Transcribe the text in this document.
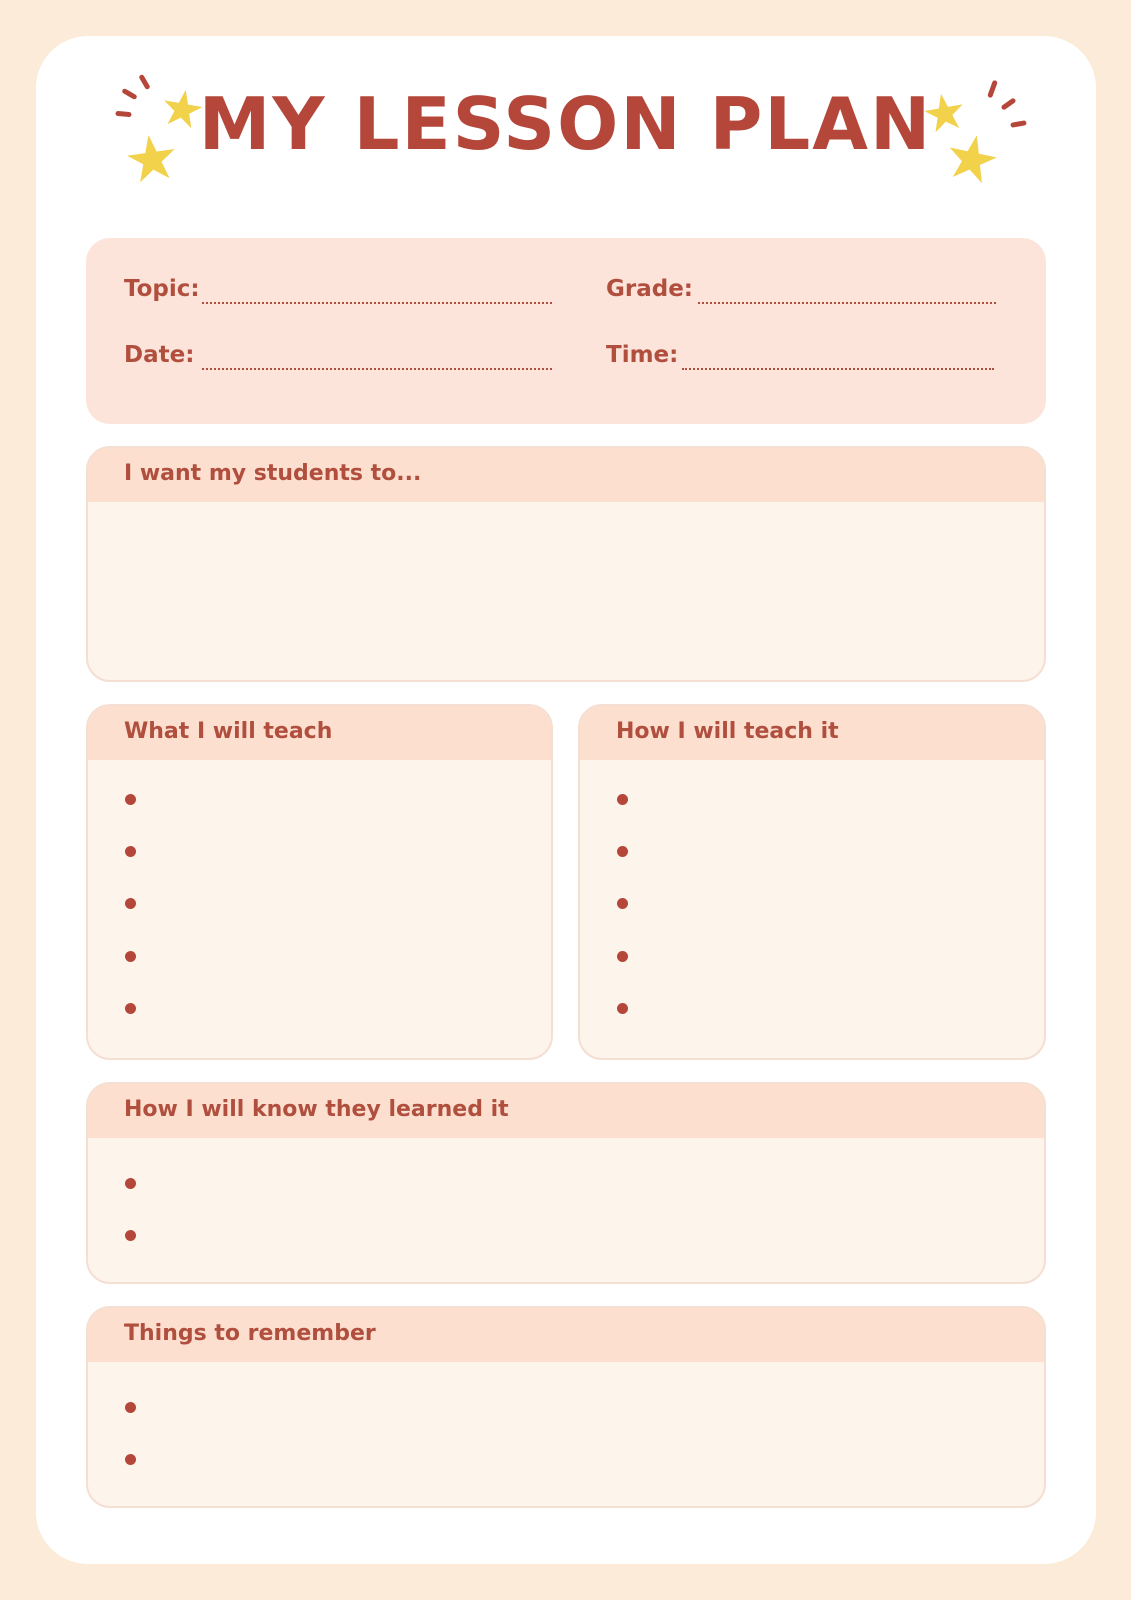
★
★
★
★
MY LESSON PLAN
Topic:	Grade:
Date:	Time:
I want my students to...
What I will teach	How I will teach it
How I will know they learned it
Things to remember
